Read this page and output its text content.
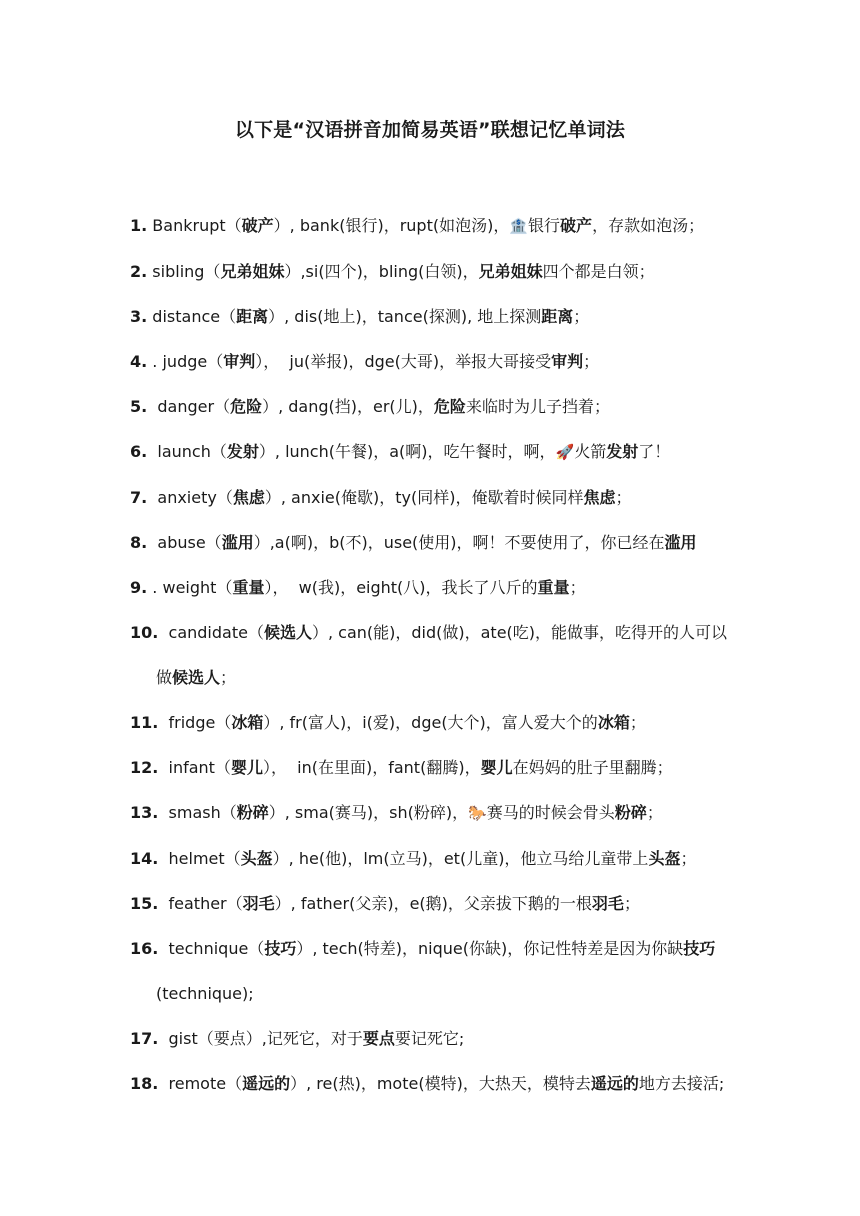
以下是“汉语拼音加简易英语”联想记忆单词法
1. Bankrupt（破产）, bank(银行)，rupt(如泡汤)，🏦银行破产，存款如泡汤；
2. sibling（兄弟姐妹）,si(四个)，bling(白领)，兄弟姐妹四个都是白领；
3. distance（距离）, dis(地上)，tance(探测), 地上探测距离；
4. . judge（审判），  ju(举报)，dge(大哥)，举报大哥接受审判；
5.  danger（危险）, dang(挡)，er(儿)，危险来临时为儿子挡着；
6.  launch（发射）, lunch(午餐)，a(啊)，吃午餐时，啊，🚀火箭发射了！
7.  anxiety（焦虑）, anxie(俺歇)，ty(同样)，俺歇着时候同样焦虑；
8.  abuse（滥用）,a(啊)，b(不)，use(使用)，啊！不要使用了，你已经在滥用
9. . weight（重量），  w(我)，eight(八)，我长了八斤的重量；
10.  candidate（候选人）, can(能)，did(做)，ate(吃)，能做事，吃得开的人可以
做候选人；
11.  fridge（冰箱）, fr(富人)，i(爱)，dge(大个)，富人爱大个的冰箱；
12.  infant（婴儿），  in(在里面)，fant(翻腾)，婴儿在妈妈的肚子里翻腾；
13.  smash（粉碎）, sma(赛马)，sh(粉碎)，🐎赛马的时候会骨头粉碎；
14.  helmet（头盔）, he(他)，lm(立马)，et(儿童)，他立马给儿童带上头盔；
15.  feather（羽毛）, father(父亲)，e(鹅)，父亲拔下鹅的一根羽毛；
16.  technique（技巧）, tech(特差)，nique(你缺)，你记性特差是因为你缺技巧
(technique);
17.  gist（要点）,记死它，对于要点要记死它;
18.  remote（遥远的）, re(热)，mote(模特)，大热天，模特去遥远的地方去接活;
